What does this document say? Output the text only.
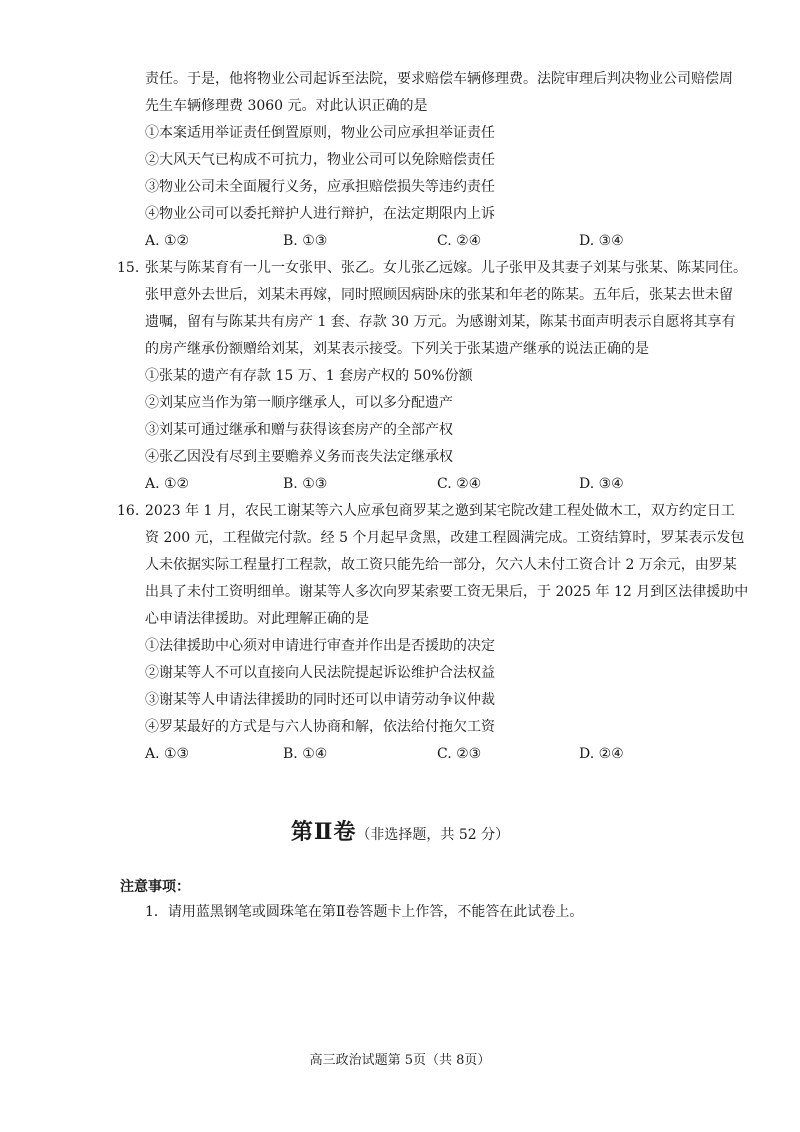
责任。于是，他将物业公司起诉至法院，要求赔偿车辆修理费。法院审理后判决物业公司赔偿周
先生车辆修理费 3060 元。对此认识正确的是
①本案适用举证责任倒置原则，物业公司应承担举证责任
②大风天气已构成不可抗力，物业公司可以免除赔偿责任
③物业公司未全面履行义务，应承担赔偿损失等违约责任
④物业公司可以委托辩护人进行辩护，在法定期限内上诉
A. ①②	B. ①③	C. ②④	D. ③④
15. 张某与陈某育有一儿一女张甲、张乙。女儿张乙远嫁。儿子张甲及其妻子刘某与张某、陈某同住。
张甲意外去世后，刘某未再嫁，同时照顾因病卧床的张某和年老的陈某。五年后，张某去世未留
遗嘱，留有与陈某共有房产 1 套、存款 30 万元。为感谢刘某，陈某书面声明表示自愿将其享有
的房产继承份额赠给刘某，刘某表示接受。下列关于张某遗产继承的说法正确的是
①张某的遗产有存款 15 万、1 套房产权的 50%份额
②刘某应当作为第一顺序继承人，可以多分配遗产
③刘某可通过继承和赠与获得该套房产的全部产权
④张乙因没有尽到主要赡养义务而丧失法定继承权
A. ①②	B. ①③	C. ②④	D. ③④
16. 2023 年 1 月，农民工谢某等六人应承包商罗某之邀到某宅院改建工程处做木工，双方约定日工
资 200 元，工程做完付款。经 5 个月起早贪黑，改建工程圆满完成。工资结算时，罗某表示发包
人未依据实际工程量打工程款，故工资只能先给一部分，欠六人未付工资合计 2 万余元，由罗某
出具了未付工资明细单。谢某等人多次向罗某索要工资无果后，于 2025 年 12 月到区法律援助中
心申请法律援助。对此理解正确的是
①法律援助中心须对申请进行审查并作出是否援助的决定
②谢某等人不可以直接向人民法院提起诉讼维护合法权益
③谢某等人申请法律援助的同时还可以申请劳动争议仲裁
④罗某最好的方式是与六人协商和解，依法给付拖欠工资
A. ①③	B. ①④	C. ②③	D. ②④
第Ⅱ卷（非选择题，共 52 分）
注意事项：
1．请用蓝黑钢笔或圆珠笔在第Ⅱ卷答题卡上作答，不能答在此试卷上。
高三政治试题第 5页（共 8页）
